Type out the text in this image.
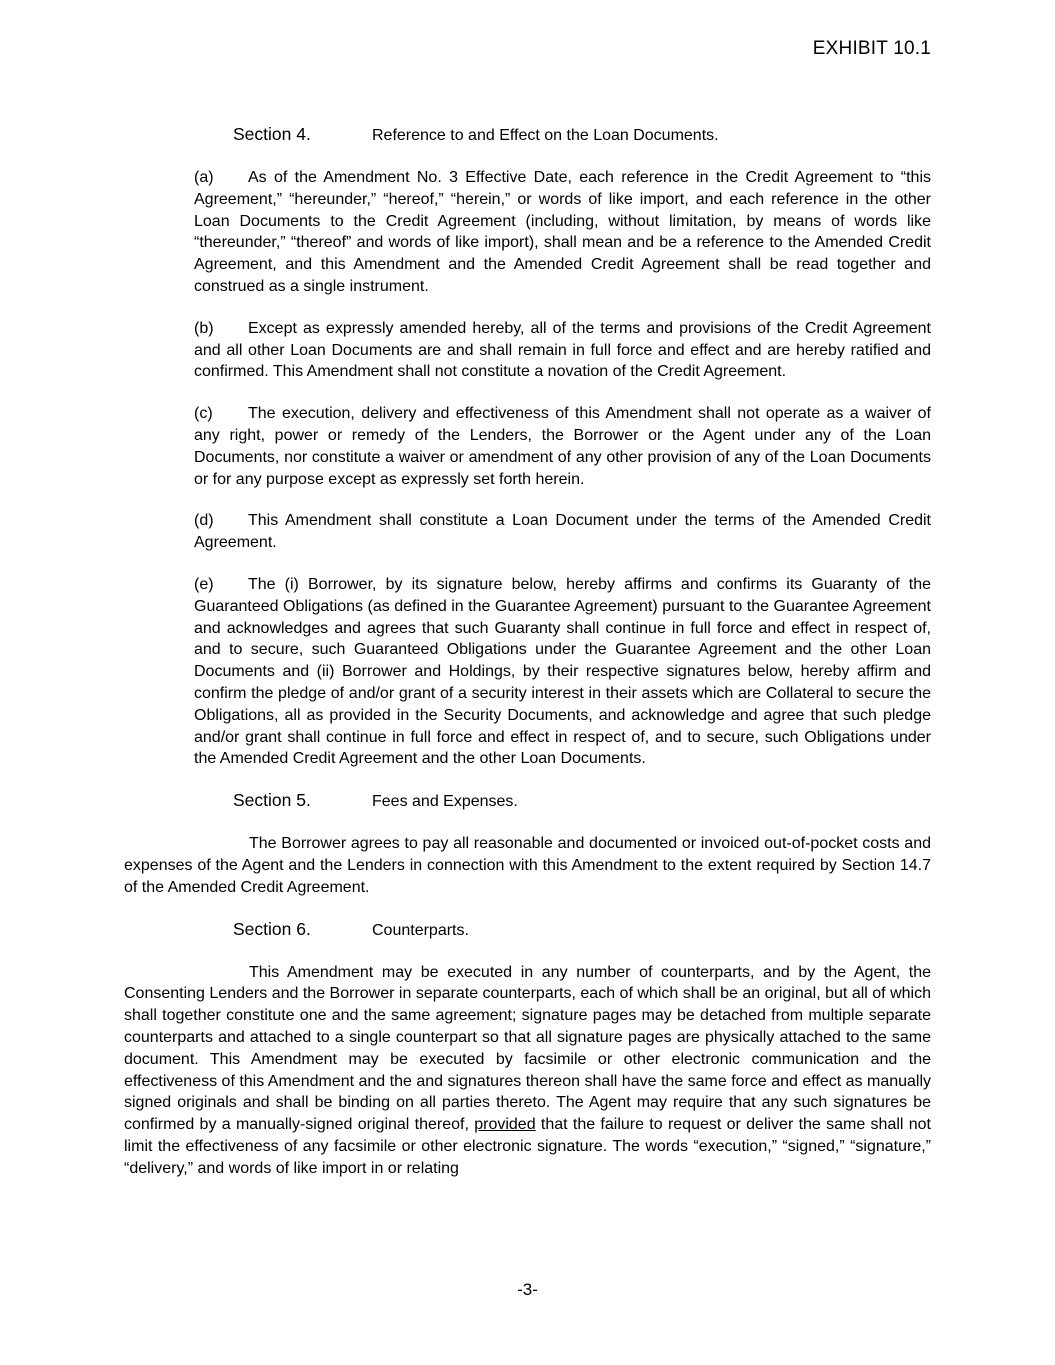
EXHIBIT 10.1
Section 4.	Reference to and Effect on the Loan Documents.

(a) As of the Amendment No. 3 Effective Date, each reference in the Credit Agreement to “this Agreement,” “hereunder,” “hereof,” “herein,” or words of like import, and each reference in the other Loan Documents to the Credit Agreement (including, without limitation, by means of words like “thereunder,” “thereof” and words of like import), shall mean and be a reference to the Amended Credit Agreement, and this Amendment and the Amended Credit Agreement shall be read together and construed as a single instrument.

(b) Except as expressly amended hereby, all of the terms and provisions of the Credit Agreement and all other Loan Documents are and shall remain in full force and effect and are hereby ratified and confirmed. This Amendment shall not constitute a novation of the Credit Agreement.

(c) The execution, delivery and effectiveness of this Amendment shall not operate as a waiver of any right, power or remedy of the Lenders, the Borrower or the Agent under any of the Loan Documents, nor constitute a waiver or amendment of any other provision of any of the Loan Documents or for any purpose except as expressly set forth herein.

(d) This Amendment shall constitute a Loan Document under the terms of the Amended Credit Agreement.

(e) The (i) Borrower, by its signature below, hereby affirms and confirms its Guaranty of the Guaranteed Obligations (as defined in the Guarantee Agreement) pursuant to the Guarantee Agreement and acknowledges and agrees that such Guaranty shall continue in full force and effect in respect of, and to secure, such Guaranteed Obligations under the Guarantee Agreement and the other Loan Documents and (ii) Borrower and Holdings, by their respective signatures below, hereby affirm and confirm the pledge of and/or grant of a security interest in their assets which are Collateral to secure the Obligations, all as provided in the Security Documents, and acknowledge and agree that such pledge and/or grant shall continue in full force and effect in respect of, and to secure, such Obligations under the Amended Credit Agreement and the other Loan Documents.

Section 5.	Fees and Expenses.

The Borrower agrees to pay all reasonable and documented or invoiced out-of-pocket costs and expenses of the Agent and the Lenders in connection with this Amendment to the extent required by Section 14.7 of the Amended Credit Agreement.

Section 6.	Counterparts.

This Amendment may be executed in any number of counterparts, and by the Agent, the Consenting Lenders and the Borrower in separate counterparts, each of which shall be an original, but all of which shall together constitute one and the same agreement; signature pages may be detached from multiple separate counterparts and attached to a single counterpart so that all signature pages are physically attached to the same document. This Amendment may be executed by facsimile or other electronic communication and the effectiveness of this Amendment and the and signatures thereon shall have the same force and effect as manually signed originals and shall be binding on all parties thereto. The Agent may require that any such signatures be confirmed by a manually-signed original thereof, provided that the failure to request or deliver the same shall not limit the effectiveness of any facsimile or other electronic signature. The words “execution,” “signed,” “signature,” “delivery,” and words of like import in or relating

-3-
